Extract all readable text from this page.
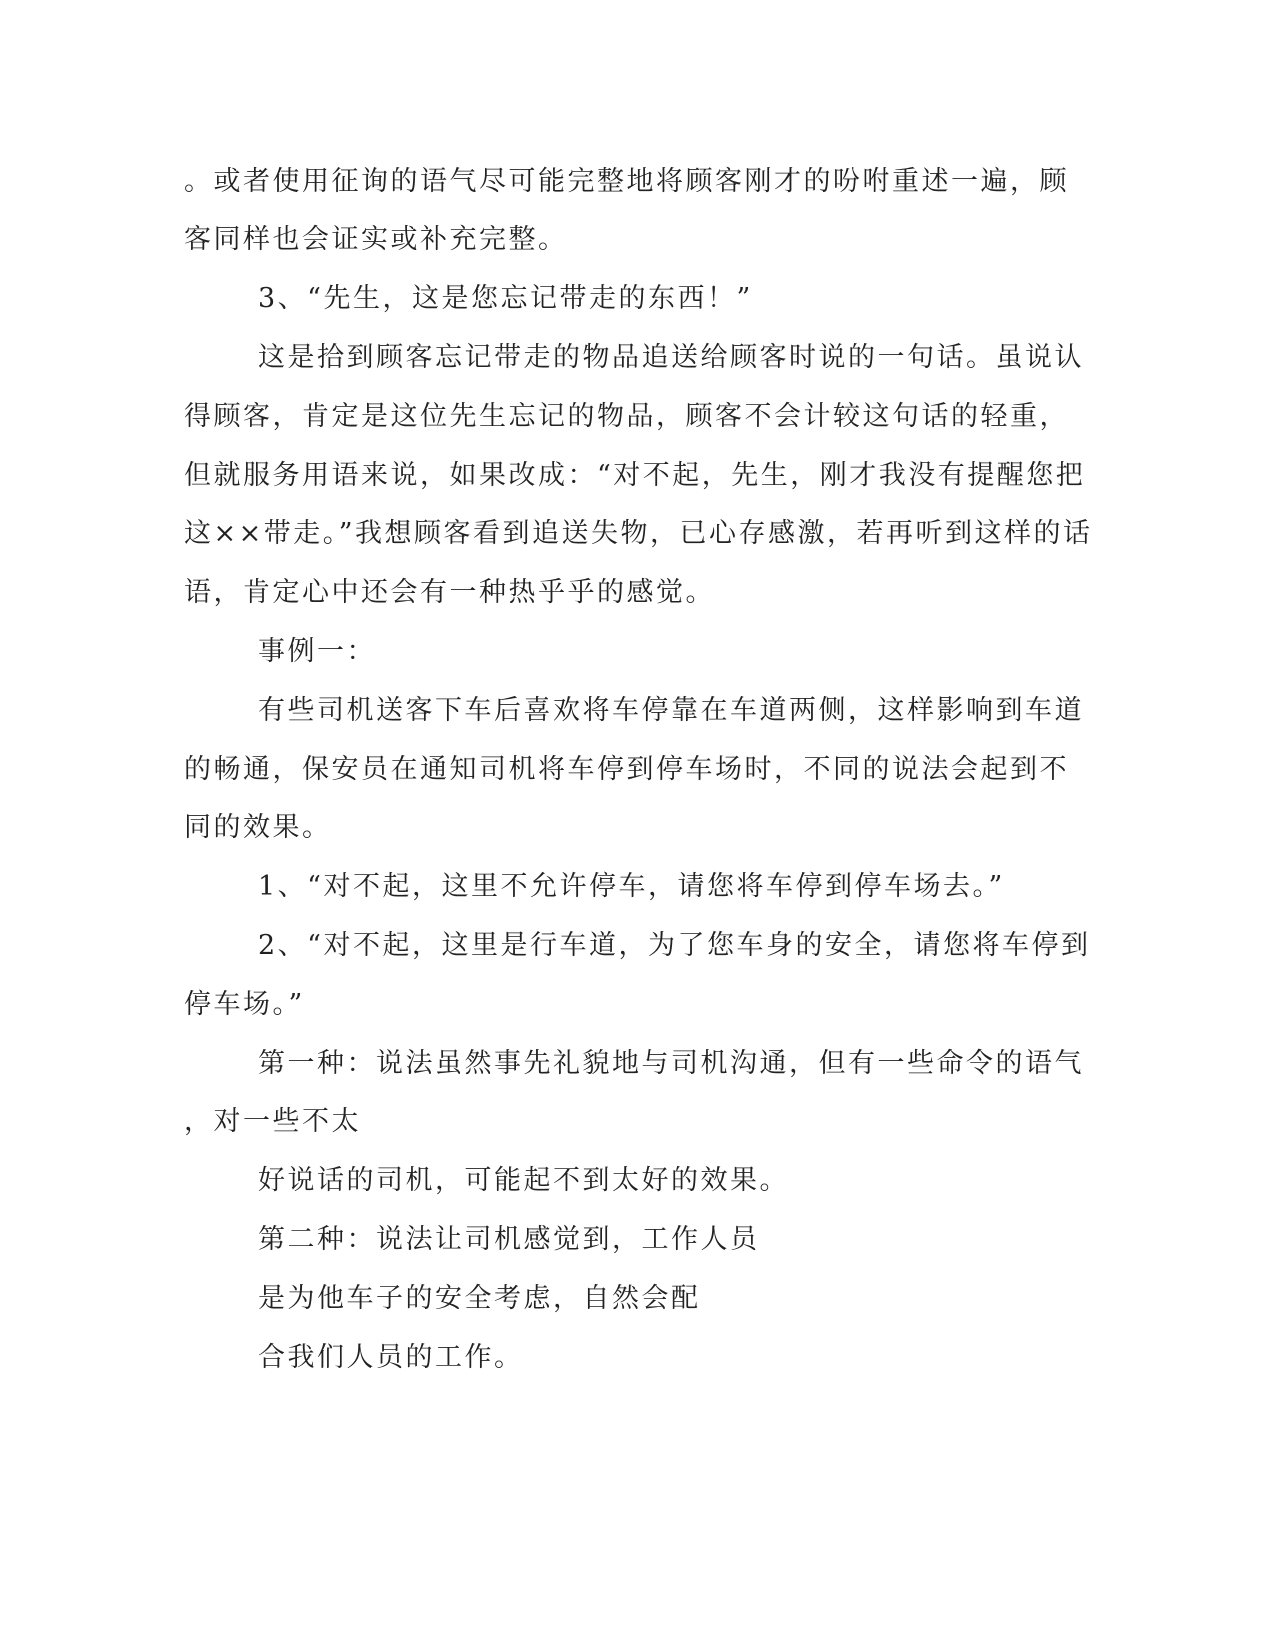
。或者使用征询的语气尽可能完整地将顾客刚才的吩咐重述一遍，顾
客同样也会证实或补充完整。
3、“先生，这是您忘记带走的东西！”
这是拾到顾客忘记带走的物品追送给顾客时说的一句话。虽说认
得顾客，肯定是这位先生忘记的物品，顾客不会计较这句话的轻重，
但就服务用语来说，如果改成：“对不起，先生，刚才我没有提醒您把
这××带走。”我想顾客看到追送失物，已心存感激，若再听到这样的话
语，肯定心中还会有一种热乎乎的感觉。
事例一：
有些司机送客下车后喜欢将车停靠在车道两侧，这样影响到车道
的畅通，保安员在通知司机将车停到停车场时，不同的说法会起到不
同的效果。
1、“对不起，这里不允许停车，请您将车停到停车场去。”
2、“对不起，这里是行车道，为了您车身的安全，请您将车停到
停车场。”
第一种：说法虽然事先礼貌地与司机沟通，但有一些命令的语气
，对一些不太
好说话的司机，可能起不到太好的效果。
第二种：说法让司机感觉到，工作人员
是为他车子的安全考虑，自然会配
合我们人员的工作。
